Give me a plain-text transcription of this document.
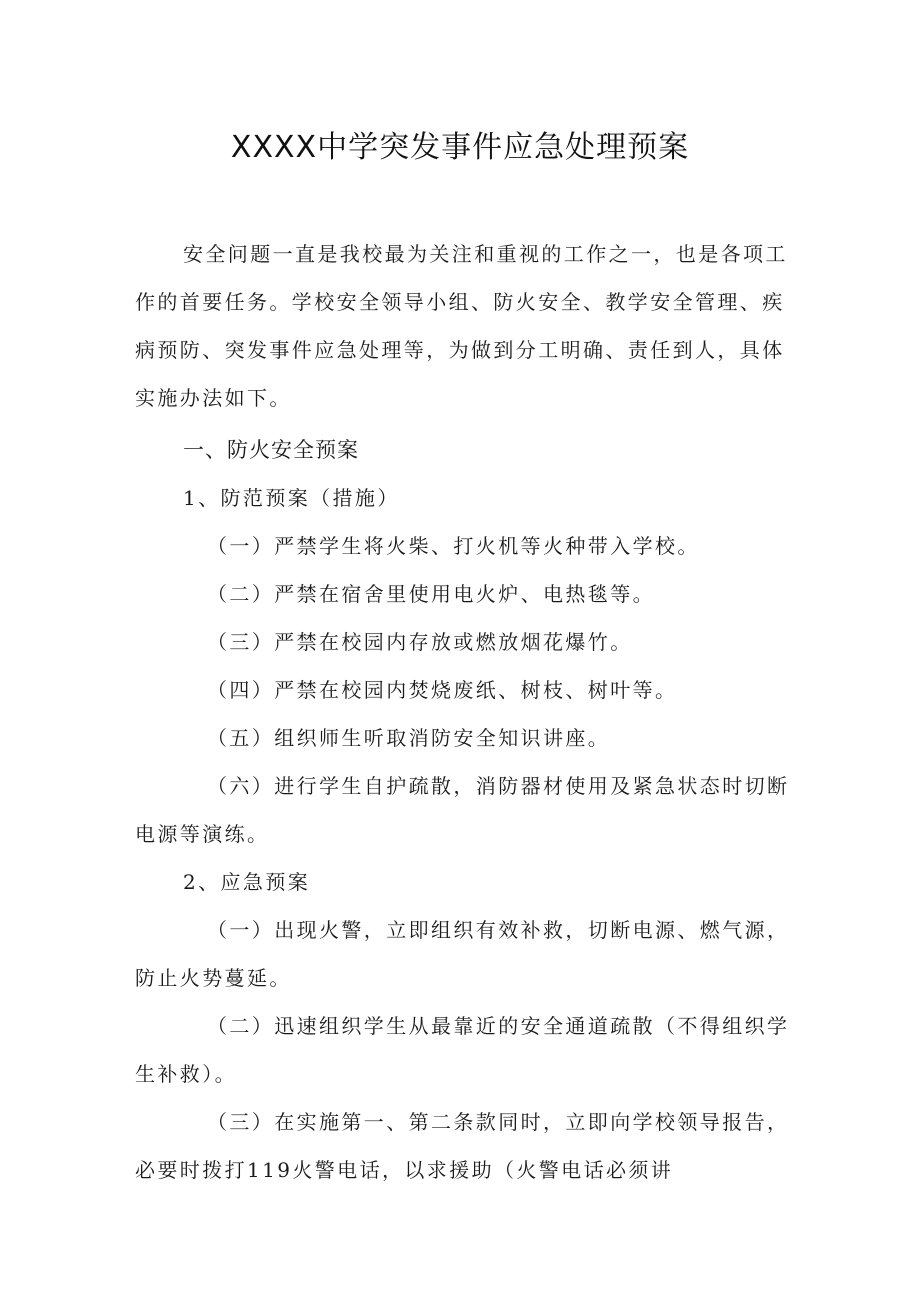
XXXX中学突发事件应急处理预案

安全问题一直是我校最为关注和重视的工作之一，也是各项工作的首要任务。学校安全领导小组、防火安全、教学安全管理、疾病预防、突发事件应急处理等，为做到分工明确、责任到人，具体实施办法如下。

一、防火安全预案

1、防范预案（措施）

（一）严禁学生将火柴、打火机等火种带入学校。

（二）严禁在宿舍里使用电火炉、电热毯等。

（三）严禁在校园内存放或燃放烟花爆竹。

（四）严禁在校园内焚烧废纸、树枝、树叶等。

（五）组织师生听取消防安全知识讲座。

（六）进行学生自护疏散，消防器材使用及紧急状态时切断电源等演练。

2、应急预案

（一）出现火警，立即组织有效补救，切断电源、燃气源，防止火势蔓延。

（二）迅速组织学生从最靠近的安全通道疏散（不得组织学生补救）。

（三）在实施第一、第二条款同时，立即向学校领导报告，必要时拨打119火警电话，以求援助（火警电话必须讲
